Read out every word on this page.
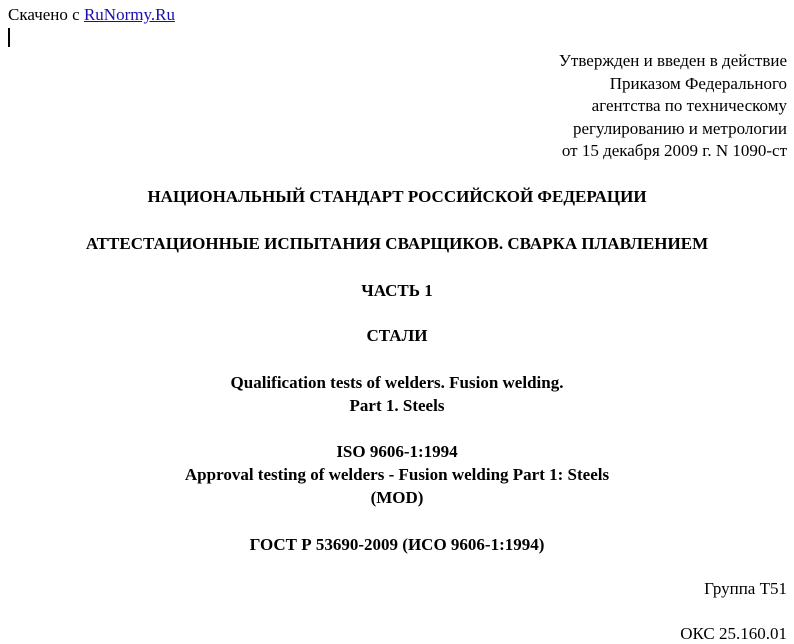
Скачено с RuNormy.Ru
Утвержден и введен в действие
Приказом Федерального
агентства по техническому
регулированию и метрологии
от 15 декабря 2009 г. N 1090-ст
НАЦИОНАЛЬНЫЙ СТАНДАРТ РОССИЙСКОЙ ФЕДЕРАЦИИ
АТТЕСТАЦИОННЫЕ ИСПЫТАНИЯ СВАРЩИКОВ. СВАРКА ПЛАВЛЕНИЕМ
ЧАСТЬ 1
СТАЛИ
Qualification tests of welders. Fusion welding.
Part 1. Steels
ISO 9606-1:1994
Approval testing of welders - Fusion welding Part 1: Steels
(MOD)
ГОСТ Р 53690-2009 (ИСО 9606-1:1994)
Группа Т51
ОКС 25.160.01
